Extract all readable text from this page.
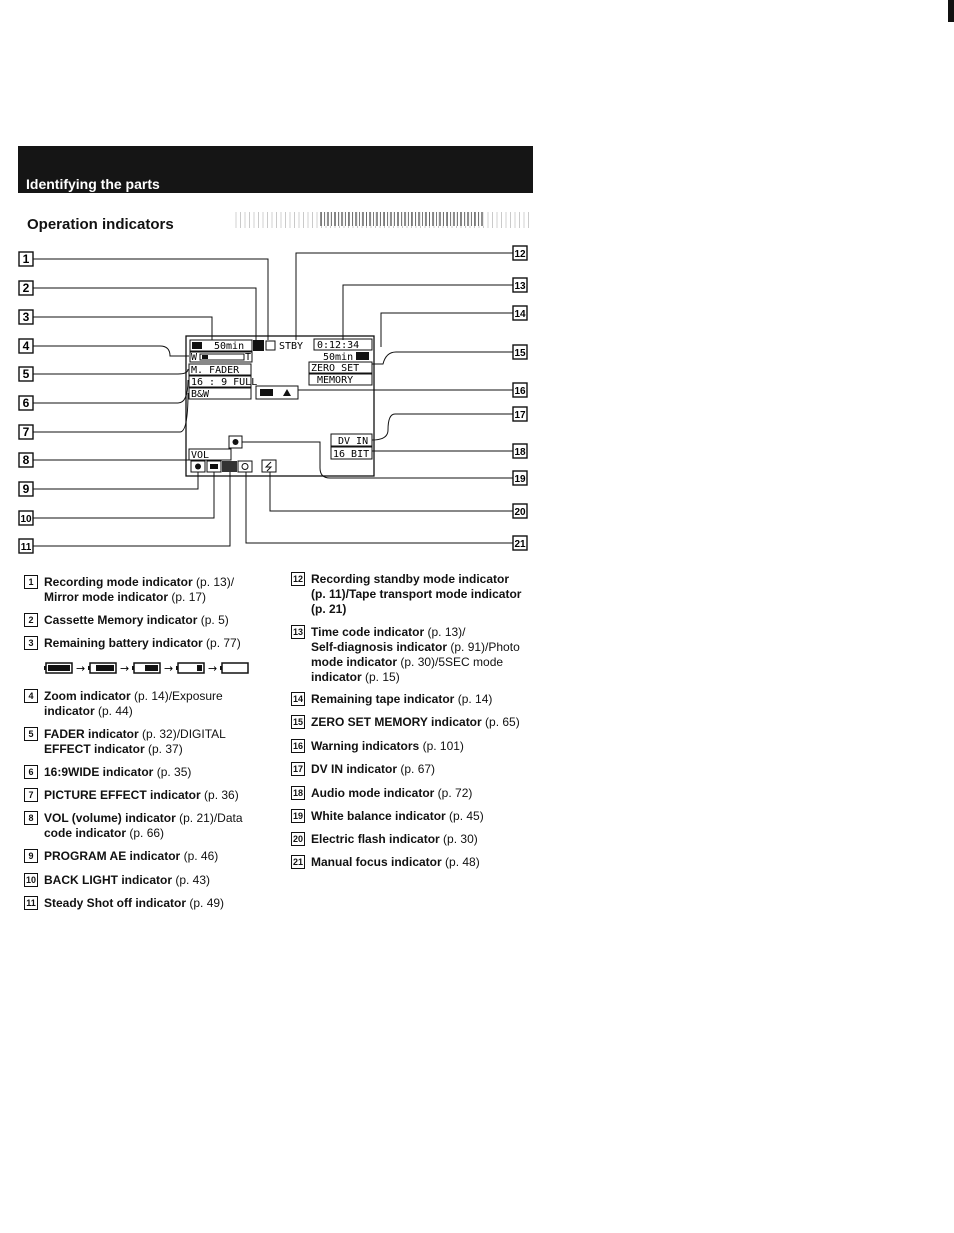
Identifying the parts
Operation indicators
1
2
3
4
5
6
7
8
9
10
11
12
13
14
15
16
17
18
19
20
21
50min	STBY 0:12:34
W	T	50min
ZERO SET
MEMORY
M. FADER
16 : 9 FULL
B&W
DV IN
16 BIT
VOL
→	→	→	→
1 Recording mode indicator (p. 13)/
Mirror mode indicator (p. 17)
2 Cassette Memory indicator (p. 5)
3 Remaining battery indicator (p. 77)
4 Zoom indicator (p. 14)/Exposure
indicator (p. 44)
5 FADER indicator (p. 32)/DIGITAL
EFFECT indicator (p. 37)
6 16:9WIDE indicator (p. 35)
7 PICTURE EFFECT indicator (p. 36)
8 VOL (volume) indicator (p. 21)/Data
code indicator (p. 66)
9 PROGRAM AE indicator (p. 46)
10 BACK LIGHT indicator (p. 43)
11 Steady Shot off indicator (p. 49)
12 Recording standby mode indicator
(p. 11)/Tape transport mode indicator
(p. 21)
13 Time code indicator (p. 13)/
Self-diagnosis indicator (p. 91)/Photo
mode indicator (p. 30)/5SEC mode
indicator (p. 15)
14 Remaining tape indicator (p. 14)
15 ZERO SET MEMORY indicator (p. 65)
16 Warning indicators (p. 101)
17 DV IN indicator (p. 67)
18 Audio mode indicator (p. 72)
19 White balance indicator (p. 45)
20 Electric flash indicator (p. 30)
21 Manual focus indicator (p. 48)
